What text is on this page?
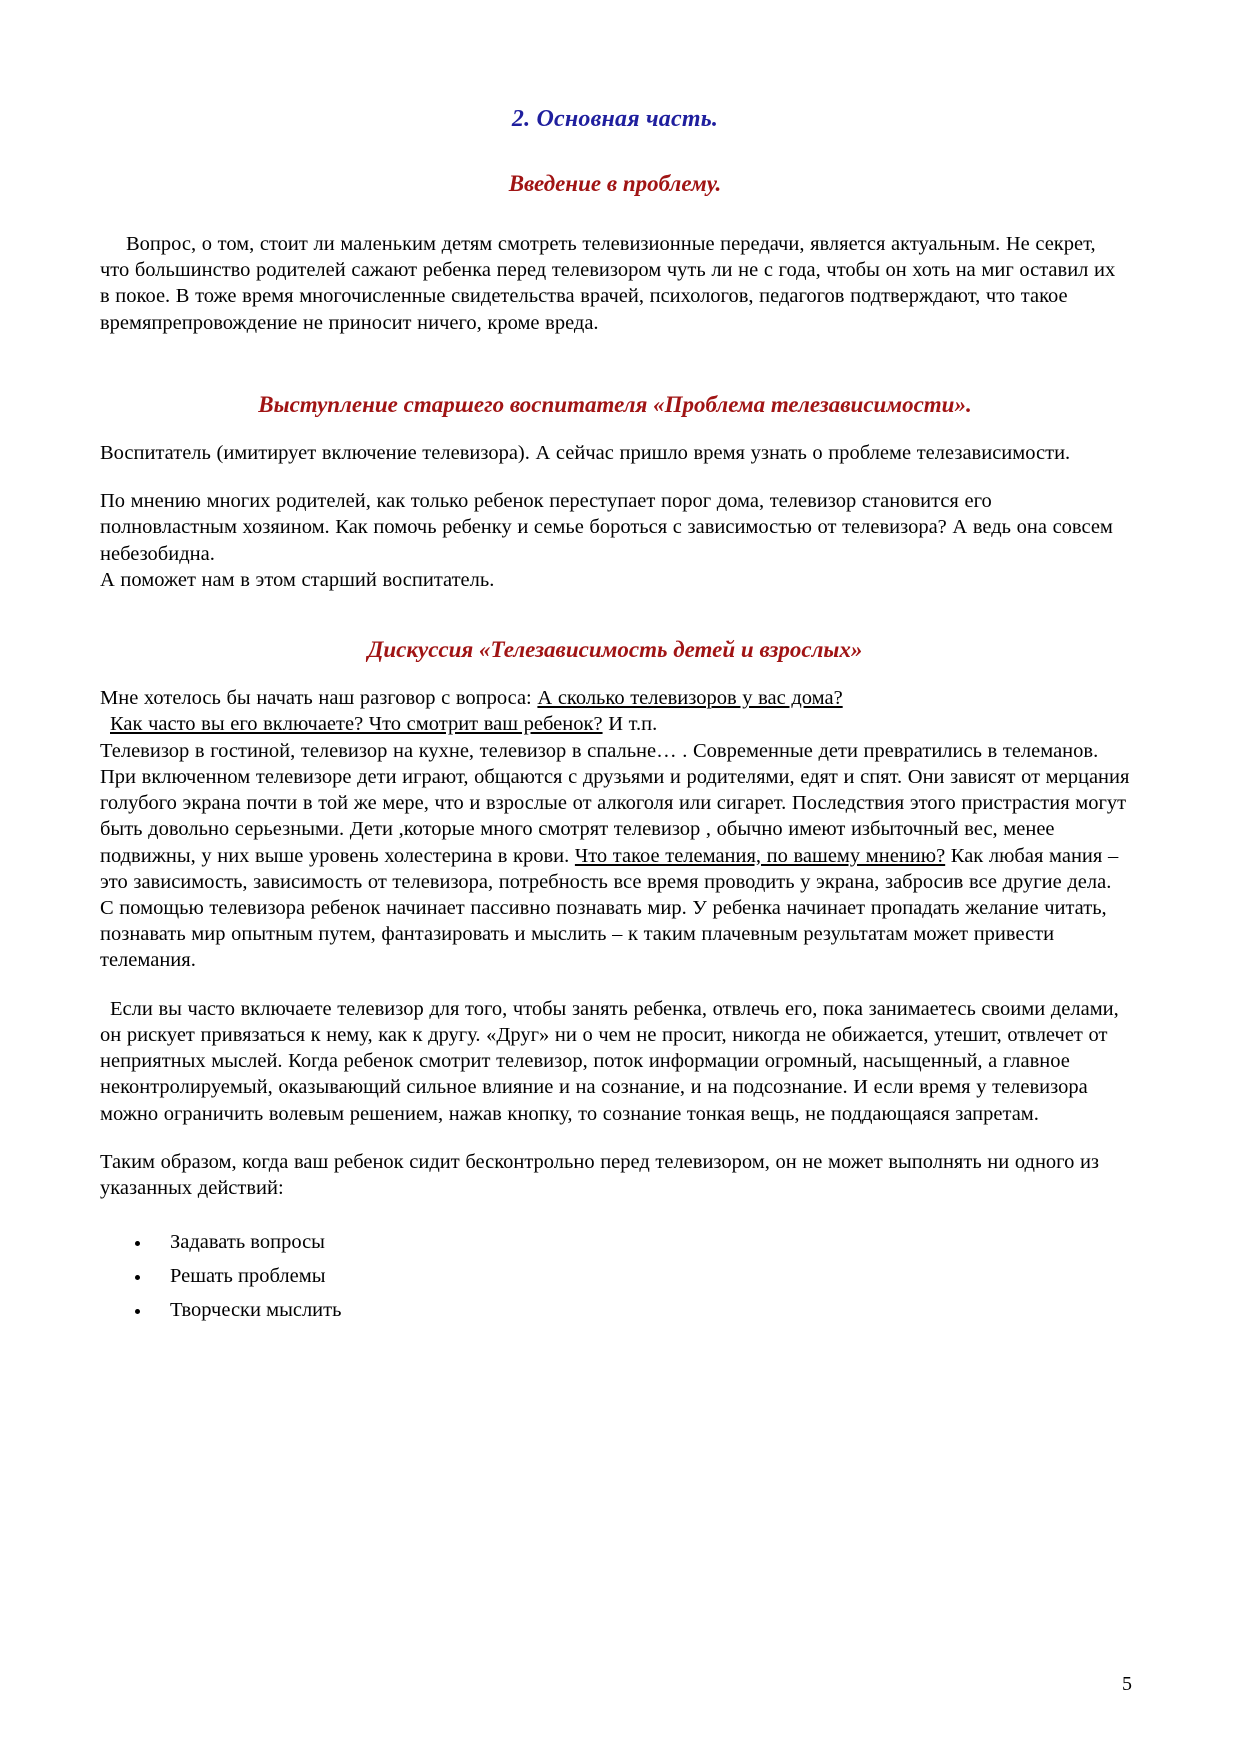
2. Основная часть.
Введение в проблему.

Вопрос, о том, стоит ли маленьким детям смотреть телевизионные передачи, является актуальным. Не секрет, что большинство родителей сажают ребенка перед телевизором чуть ли не с года, чтобы он хоть на миг оставил их в покое. В тоже время многочисленные свидетельства врачей, психологов, педагогов подтверждают, что такое времяпрепровождение не приносит ничего, кроме вреда.

Выступление старшего воспитателя «Проблема телезависимости».

Воспитатель (имитирует включение телевизора). А сейчас пришло время узнать о проблеме телезависимости.

По мнению многих родителей, как только ребенок переступает порог дома, телевизор становится его полновластным хозяином. Как помочь ребенку и семье бороться с зависимостью от телевизора? А ведь она совсем небезобидна.

А поможет нам в этом старший воспитатель.

Дискуссия «Телезависимость детей и взрослых»

Мне хотелось бы начать наш разговор с вопроса: А сколько телевизоров у вас дома?
Как часто вы его включаете? Что смотрит ваш ребенок? И т.п.

Телевизор в гостиной, телевизор на кухне, телевизор в спальне… . Современные дети превратились в телеманов. При включенном телевизоре дети играют, общаются с друзьями и родителями, едят и спят. Они зависят от мерцания голубого экрана почти в той же мере, что и взрослые от алкоголя или сигарет. Последствия этого пристрастия могут быть довольно серьезными. Дети ,которые много смотрят телевизор , обычно имеют избыточный вес, менее подвижны, у них выше уровень холестерина в крови. Что такое телемания, по вашему мнению? Как любая мания – это зависимость, зависимость от телевизора, потребность все время проводить у экрана, забросив все другие дела. С помощью телевизора ребенок начинает пассивно познавать мир. У ребенка начинает пропадать желание читать, познавать мир опытным путем, фантазировать и мыслить – к таким плачевным результатам может привести телемания.

Если вы часто включаете телевизор для того, чтобы занять ребенка, отвлечь его, пока занимаетесь своими делами, он рискует привязаться к нему, как к другу. «Друг» ни о чем не просит, никогда не обижается, утешит, отвлечет от неприятных мыслей. Когда ребенок смотрит телевизор, поток информации огромный, насыщенный, а главное неконтролируемый, оказывающий сильное влияние и на сознание, и на подсознание. И если время у телевизора можно ограничить волевым решением, нажав кнопку, то сознание тонкая вещь, не поддающаяся запретам.

Таким образом, когда ваш ребенок сидит бесконтрольно перед телевизором, он не может выполнять ни одного из указанных действий:

• Задавать вопросы
• Решать проблемы
• Творчески мыслить
5
